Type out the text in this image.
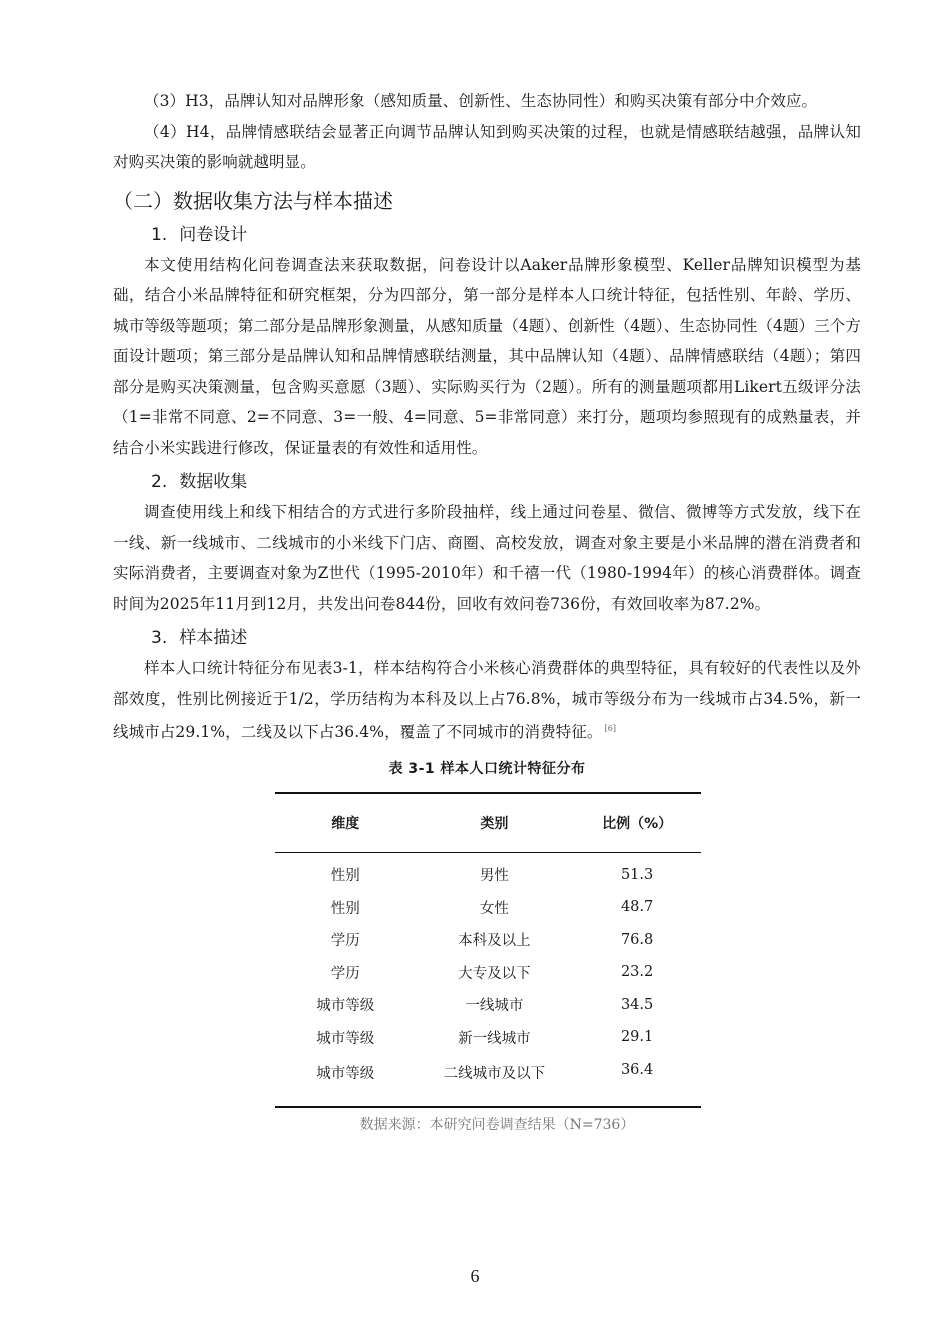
（3）H3，品牌认知对品牌形象（感知质量、创新性、生态协同性）和购买决策有部分中介效应。

（4）H4，品牌情感联结会显著正向调节品牌认知到购买决策的过程，也就是情感联结越强，品牌认知对购买决策的影响就越明显。

（二）数据收集方法与样本描述
1. 问卷设计

本文使用结构化问卷调查法来获取数据，问卷设计以Aaker品牌形象模型、Keller品牌知识模型为基础，结合小米品牌特征和研究框架，分为四部分，第一部分是样本人口统计特征，包括性别、年龄、学历、城市等级等题项；第二部分是品牌形象测量，从感知质量（4题）、创新性（4题）、生态协同性（4题）三个方面设计题项；第三部分是品牌认知和品牌情感联结测量，其中品牌认知（4题）、品牌情感联结（4题）；第四部分是购买决策测量，包含购买意愿（3题）、实际购买行为（2题）。所有的测量题项都用Likert五级评分法（1=非常不同意、2=不同意、3=一般、4=同意、5=非常同意）来打分，题项均参照现有的成熟量表，并结合小米实践进行修改，保证量表的有效性和适用性。

2. 数据收集

调查使用线上和线下相结合的方式进行多阶段抽样，线上通过问卷星、微信、微博等方式发放，线下在一线、新一线城市、二线城市的小米线下门店、商圈、高校发放，调查对象主要是小米品牌的潜在消费者和实际消费者，主要调查对象为Z世代（1995-2010年）和千禧一代（1980-1994年）的核心消费群体。调查时间为2025年11月到12月，共发出问卷844份，回收有效问卷736份，有效回收率为87.2%。

3. 样本描述

样本人口统计特征分布见表3-1，样本结构符合小米核心消费群体的典型特征，具有较好的代表性以及外部效度，性别比例接近于1/2，学历结构为本科及以上占76.8%，城市等级分布为一线城市占34.5%，新一线城市占29.1%，二线及以下占36.4%，覆盖了不同城市的消费特征。 [6]

表 3-1 样本人口统计特征分布
维度	类别	比例（%）
性别	男性	51.3
性别	女性	48.7
学历	本科及以上	76.8
学历	大专及以下	23.2
城市等级	一线城市	34.5
城市等级	新一线城市	29.1
城市等级	二线城市及以下	36.4
数据来源：本研究问卷调查结果（N=736）
6
